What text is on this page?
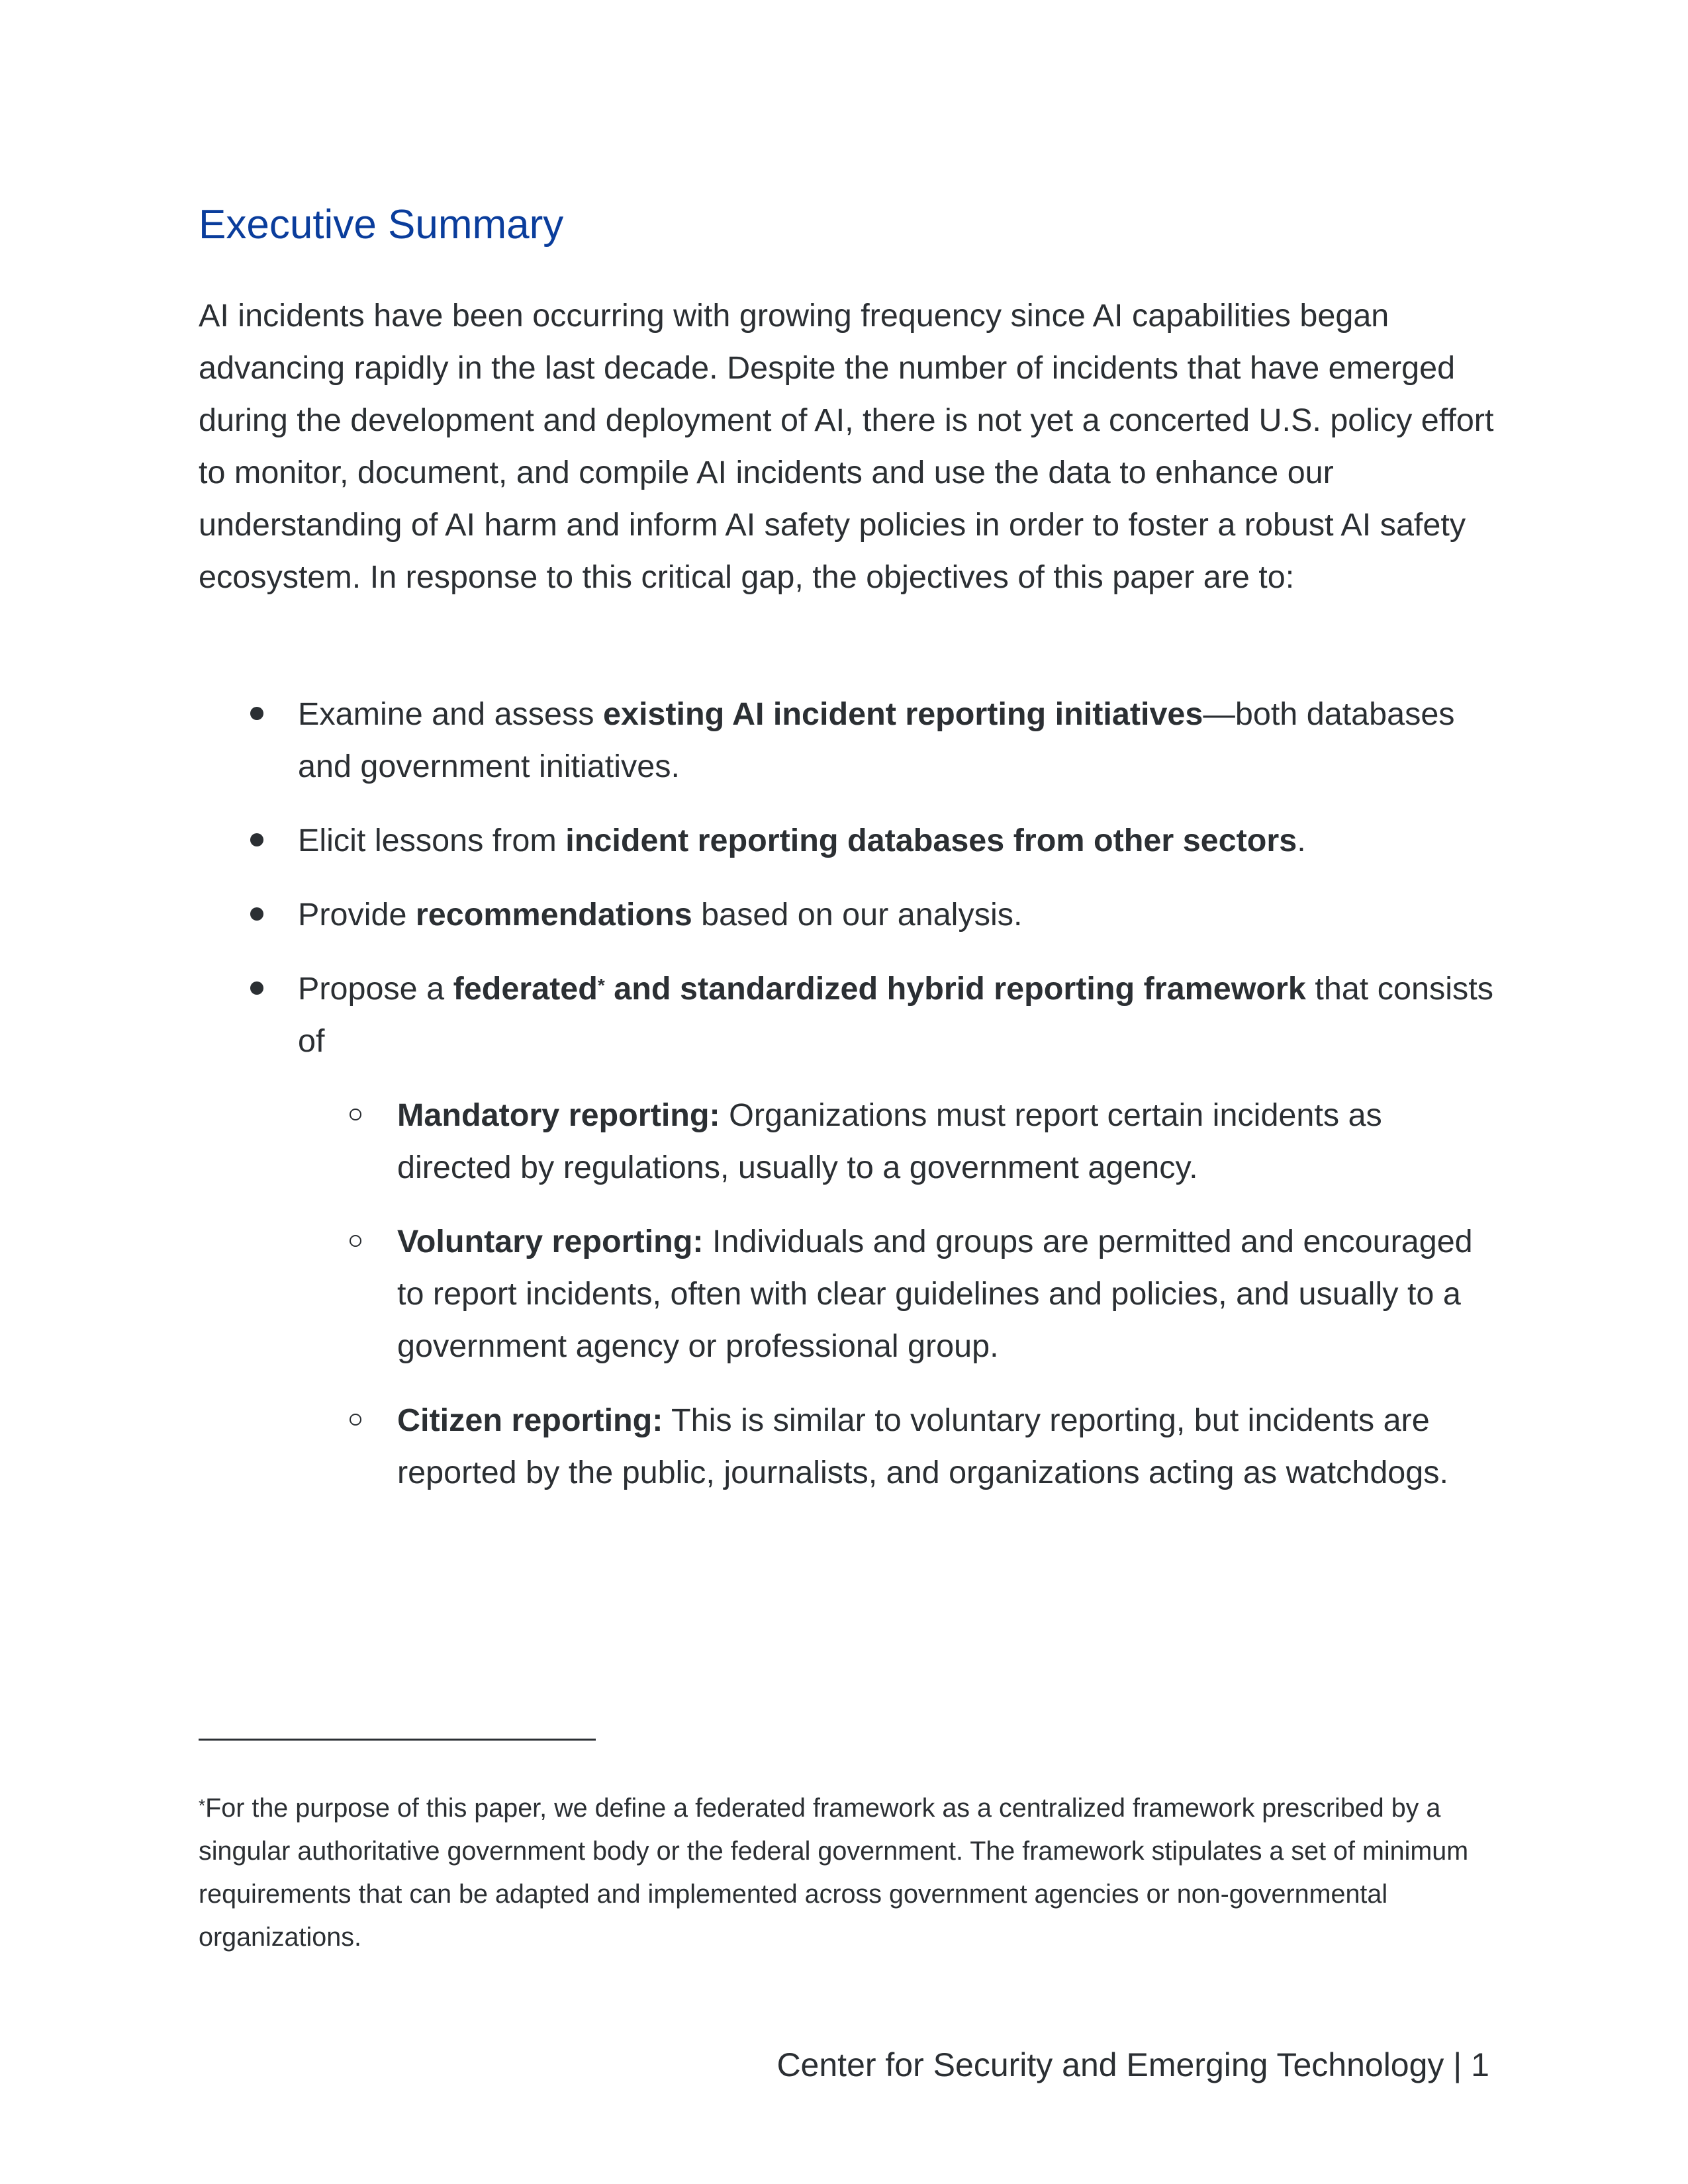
Executive Summary

AI incidents have been occurring with growing frequency since AI capabilities began advancing rapidly in the last decade. Despite the number of incidents that have emerged during the development and deployment of AI, there is not yet a concerted U.S. policy effort to monitor, document, and compile AI incidents and use the data to enhance our understanding of AI harm and inform AI safety policies in order to foster a robust AI safety ecosystem. In response to this critical gap, the objectives of this paper are to:

Examine and assess existing AI incident reporting initiatives—both databases and government initiatives.
Elicit lessons from incident reporting databases from other sectors.
Provide recommendations based on our analysis.
Propose a federated* and standardized hybrid reporting framework that consists of
Mandatory reporting: Organizations must report certain incidents as directed by regulations, usually to a government agency.
Voluntary reporting: Individuals and groups are permitted and encouraged to report incidents, often with clear guidelines and policies, and usually to a government agency or professional group.
Citizen reporting: This is similar to voluntary reporting, but incidents are reported by the public, journalists, and organizations acting as watchdogs.

*For the purpose of this paper, we define a federated framework as a centralized framework prescribed by a singular authoritative government body or the federal government. The framework stipulates a set of minimum requirements that can be adapted and implemented across government agencies or non-governmental organizations.

Center for Security and Emerging Technology | 1
